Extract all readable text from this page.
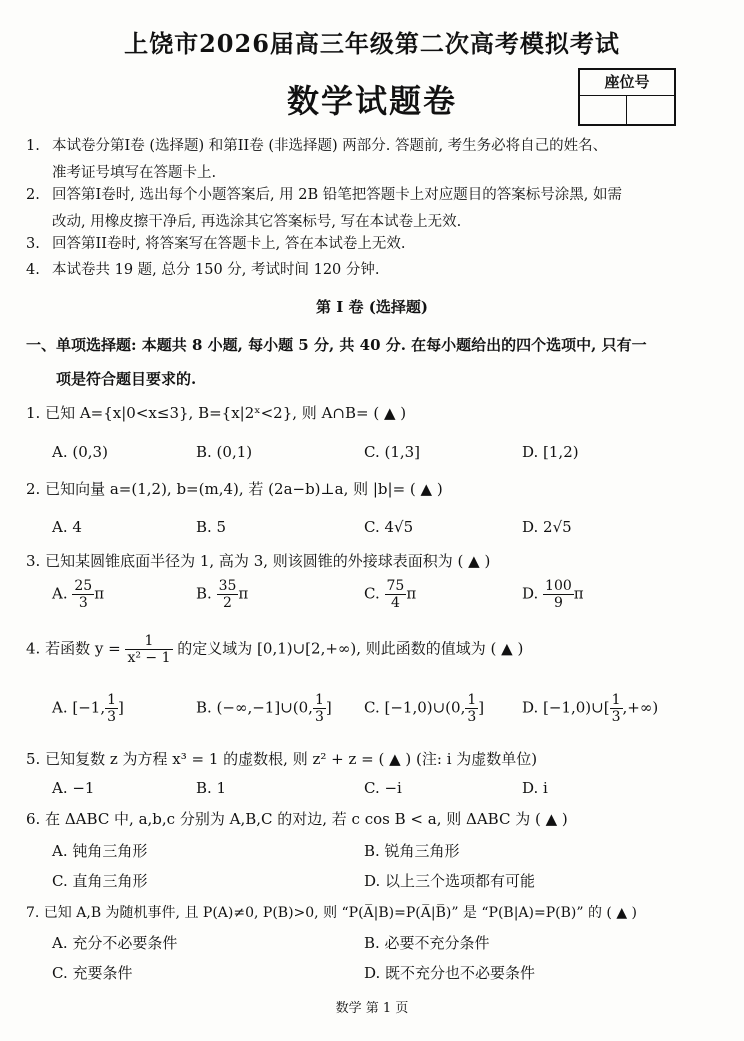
上饶市2026届高三年级第二次高考模拟考试
数学试题卷	座位号
1. 本试卷分第I卷 (选择题) 和第II卷 (非选择题) 两部分. 答题前, 考生务必将自己的姓名、
准考证号填写在答题卡上.
2. 回答第I卷时, 选出每个小题答案后, 用 2B 铅笔把答题卡上对应题目的答案标号涂黑, 如需
改动, 用橡皮擦干净后, 再选涂其它答案标号, 写在本试卷上无效.
3. 回答第II卷时, 将答案写在答题卡上, 答在本试卷上无效.
4. 本试卷共 19 题, 总分 150 分, 考试时间 120 分钟.
第 I 卷 (选择题)
一、单项选择题: 本题共 8 小题, 每小题 5 分, 共 40 分. 在每小题给出的四个选项中, 只有一
项是符合题目要求的.
1. 已知 A={x|0<x≤3}, B={x|2ˣ<2}, 则 A∩B= ( ▲ )
A. (0,3)	B. (0,1)	C. (1,3]	D. [1,2)
2. 已知向量 a=(1,2), b=(m,4), 若 (2a−b)⊥a, 则 |b|= ( ▲ )
A. 4	B. 5	C. 4√5	D. 2√5
3. 已知某圆锥底面半径为 1, 高为 3, 则该圆锥的外接球表面积为 ( ▲ )
A. $\frac{25}{3}$ π	B. $\frac{35}{2}$ π	C. $\frac{75}{4}$ π	D. $\frac{100}{9}$ π
4. 若函数 $y = \frac{1}{\text{x² − 1}}$ 的定义域为 [0,1)∪[2,+∞), 则此函数的值域为 ( ▲ )
A. [−1, $\frac{1}{3}$ ]	B. (−∞,−1]∪(0, $\frac{1}{3}$ ] C. [−1,0)∪(0, $\frac{1}{3}$ ]	D. [−1,0)∪[ $\frac{1}{3}$ ,+∞)
5. 已知复数 z 为方程 x³ = 1 的虚数根, 则 z² + z = ( ▲ ) (注: i 为虚数单位)
A. −1	B. 1	C. −i	D. i
6. 在 ΔABC 中, a,b,c 分别为 A,B,C 的对边, 若 c cos B < a, 则 ΔABC 为 ( ▲ )
A. 钝角三角形	B. 锐角三角形
C. 直角三角形	D. 以上三个选项都有可能
7. 已知 A,B 为随机事件, 且 P(A)≠0, P(B)>0, 则 “P(A̅|B)=P(A̅|B̅)” 是 “P(B|A)=P(B)” 的 ( ▲ )
A. 充分不必要条件	B. 必要不充分条件
C. 充要条件	D. 既不充分也不必要条件
数学 第 1 页
